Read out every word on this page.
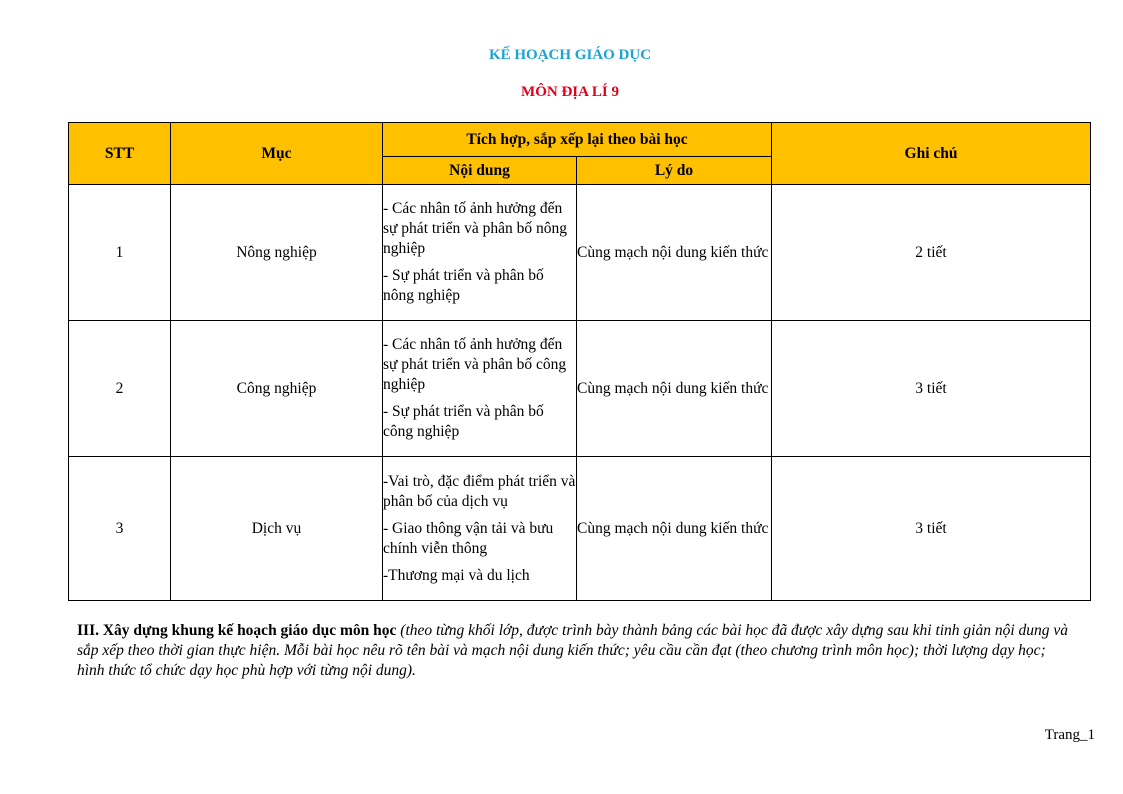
KẾ HOẠCH GIÁO DỤC
MÔN ĐỊA LÍ 9
STT	Mục	Tích hợp, sắp xếp lại theo bài học		Ghi chú
		Nội dung	Lý do	
1	Nông nghiệp	- Các nhân tố ảnh hưởng đến sự phát triển và phân bố nông nghiệp
- Sự phát triển và phân bố nông nghiệp	Cùng mạch nội dung kiến thức	2 tiết
2	Công nghiệp	- Các nhân tố ảnh hưởng đến sự phát triển và phân bố công nghiệp
- Sự phát triển và phân bố công nghiệp	Cùng mạch nội dung kiến thức	3 tiết
3	Dịch vụ	-Vai trò, đặc điểm phát triển và phân bố của dịch vụ
- Giao thông vận tải và bưu chính viễn thông
-Thương mại và du lịch	Cùng mạch nội dung kiến thức	3 tiết
III. Xây dựng khung kế hoạch giáo dục môn học (theo từng khối lớp, được trình bày thành bảng các bài học đã được xây dựng sau khi tinh giản nội dung và sắp xếp theo thời gian thực hiện. Mỗi bài học nêu rõ tên bài và mạch nội dung kiến thức; yêu cầu cần đạt (theo chương trình môn học); thời lượng dạy học; hình thức tổ chức dạy học phù hợp với từng nội dung).
Trang_1
